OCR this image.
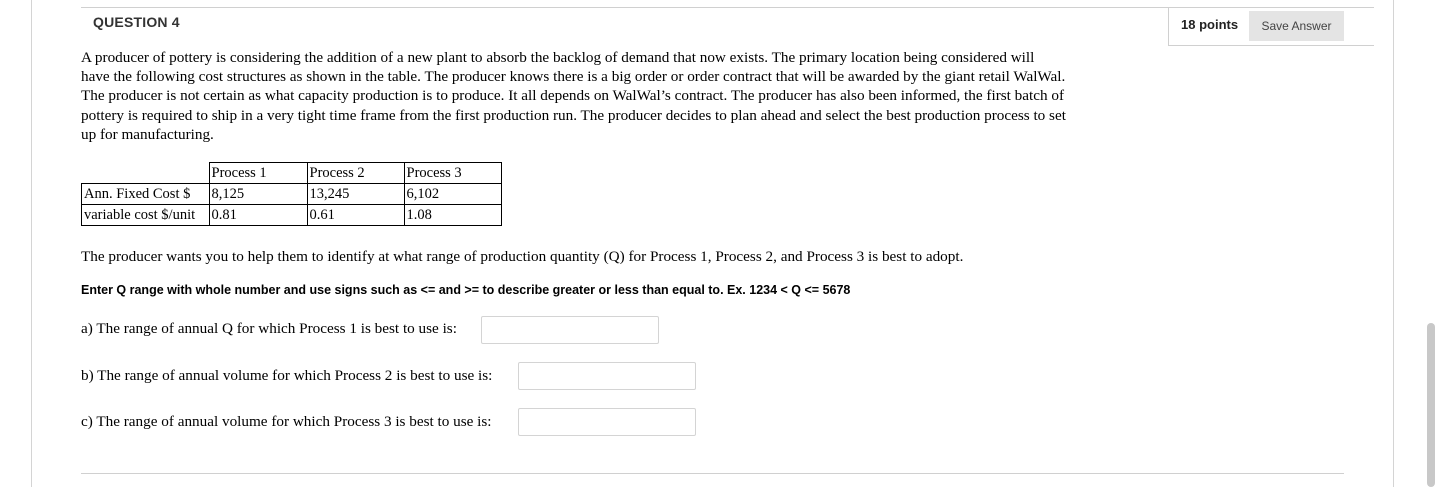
QUESTION 4	18 points	Save Answer

A producer of pottery is considering the addition of a new plant to absorb the backlog of demand that now exists. The primary location being considered will have the following cost structures as shown in the table. The producer knows there is a big order or order contract that will be awarded by the giant retail WalWal. The producer is not certain as what capacity production is to produce. It all depends on WalWal’s contract. The producer has also been informed, the first batch of pottery is required to ship in a very tight time frame from the first production run. The producer decides to plan ahead and select the best production process to set up for manufacturing.

	Process 1	Process 2	Process 3
Ann. Fixed Cost $	8,125	13,245	6,102
variable cost $/unit	0.81	0.61	1.08
The producer wants you to help them to identify at what range of production quantity (Q) for Process 1, Process 2, and Process 3 is best to adopt.
Enter Q range with whole number and use signs such as <= and >= to describe greater or less than equal to. Ex. 1234 < Q <= 5678
a) The range of annual Q for which Process 1 is best to use is:
b) The range of annual volume for which Process 2 is best to use is:
c) The range of annual volume for which Process 3 is best to use is:
